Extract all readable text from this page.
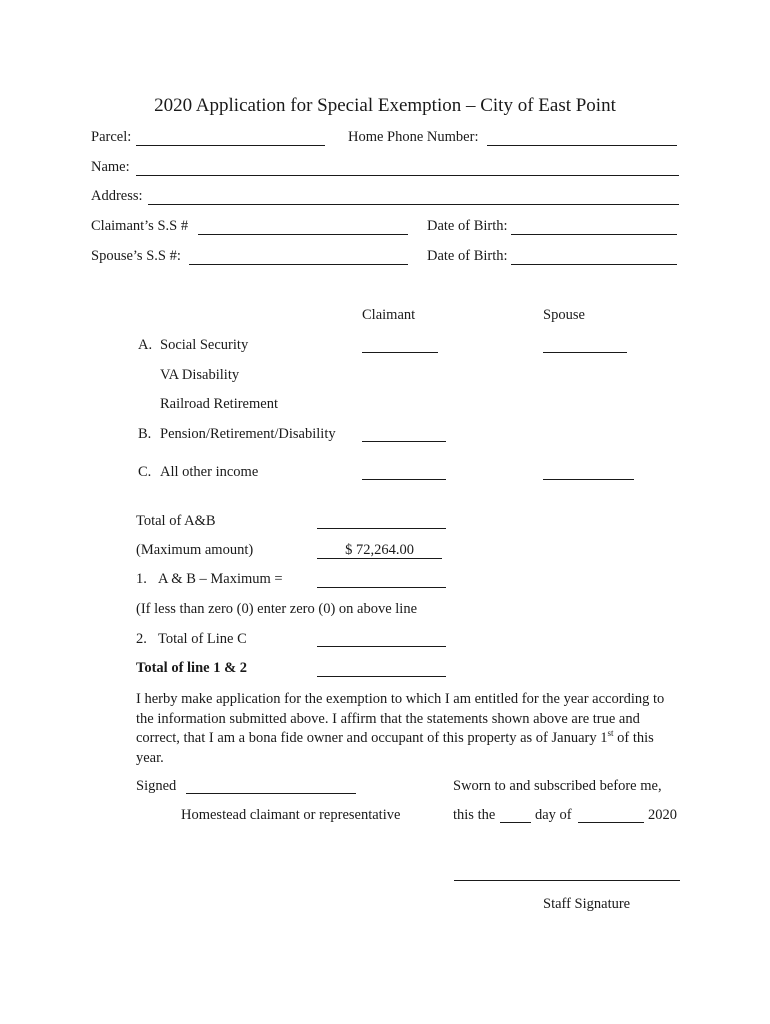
2020 Application for Special Exemption – City of East Point
Parcel:	Home Phone Number:
Name:
Address:
Claimant’s S.S #	Date of Birth:
Spouse’s S.S #:	Date of Birth:
Claimant	Spouse
A. Social Security
VA Disability
Railroad Retirement
B. Pension/Retirement/Disability
C. All other income
Total of A&B
(Maximum amount)	$ 72,264.00
1. A & B – Maximum =
(If less than zero (0) enter zero (0) on above line
2. Total of Line C
Total of line 1 & 2
I herby make application for the exemption to which I am entitled for the year according to the information submitted above. I affirm that the statements shown above are true and correct, that I am a bona fide owner and occupant of this property as of January 1st of this year.
Signed	Sworn to and subscribed before me,
Homestead claimant or representative	this the	day of	2020
Staff Signature
